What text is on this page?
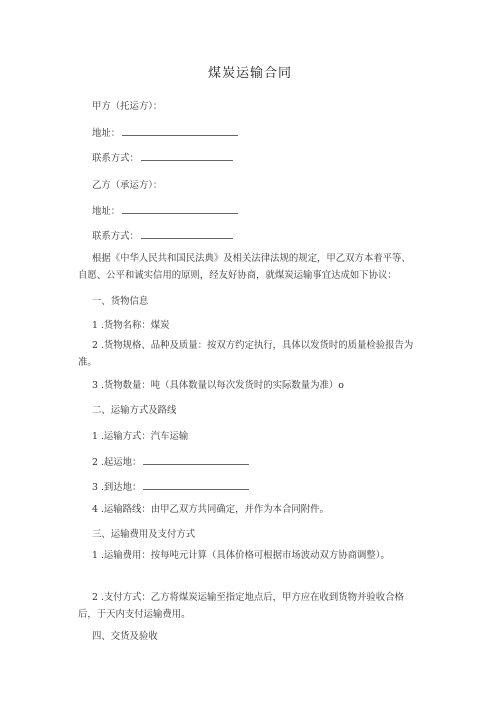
煤炭运输合同
甲方（托运方）：
地址：
联系方式：
乙方（承运方）：
地址：
联系方式：
根据《中华人民共和国民法典》及相关法律法规的规定，甲乙双方本着平等、自愿、公平和诚实信用的原则，经友好协商，就煤炭运输事宜达成如下协议：
一、货物信息
1 .货物名称：煤炭
2 .货物规格、品种及质量：按双方约定执行，具体以发货时的质量检验报告为准。
3 .货物数量：吨（具体数量以每次发货时的实际数量为准）o
二、运输方式及路线
1 .运输方式：汽车运输
2 .起运地：
3 .到达地：
4 .运输路线：由甲乙双方共同确定，并作为本合同附件。
三、运输费用及支付方式
1 .运输费用：按每吨元计算（具体价格可根据市场波动双方协商调整）。
2 .支付方式：乙方将煤炭运输至指定地点后，甲方应在收到货物并验收合格后，于天内支付运输费用。
四、交货及验收
